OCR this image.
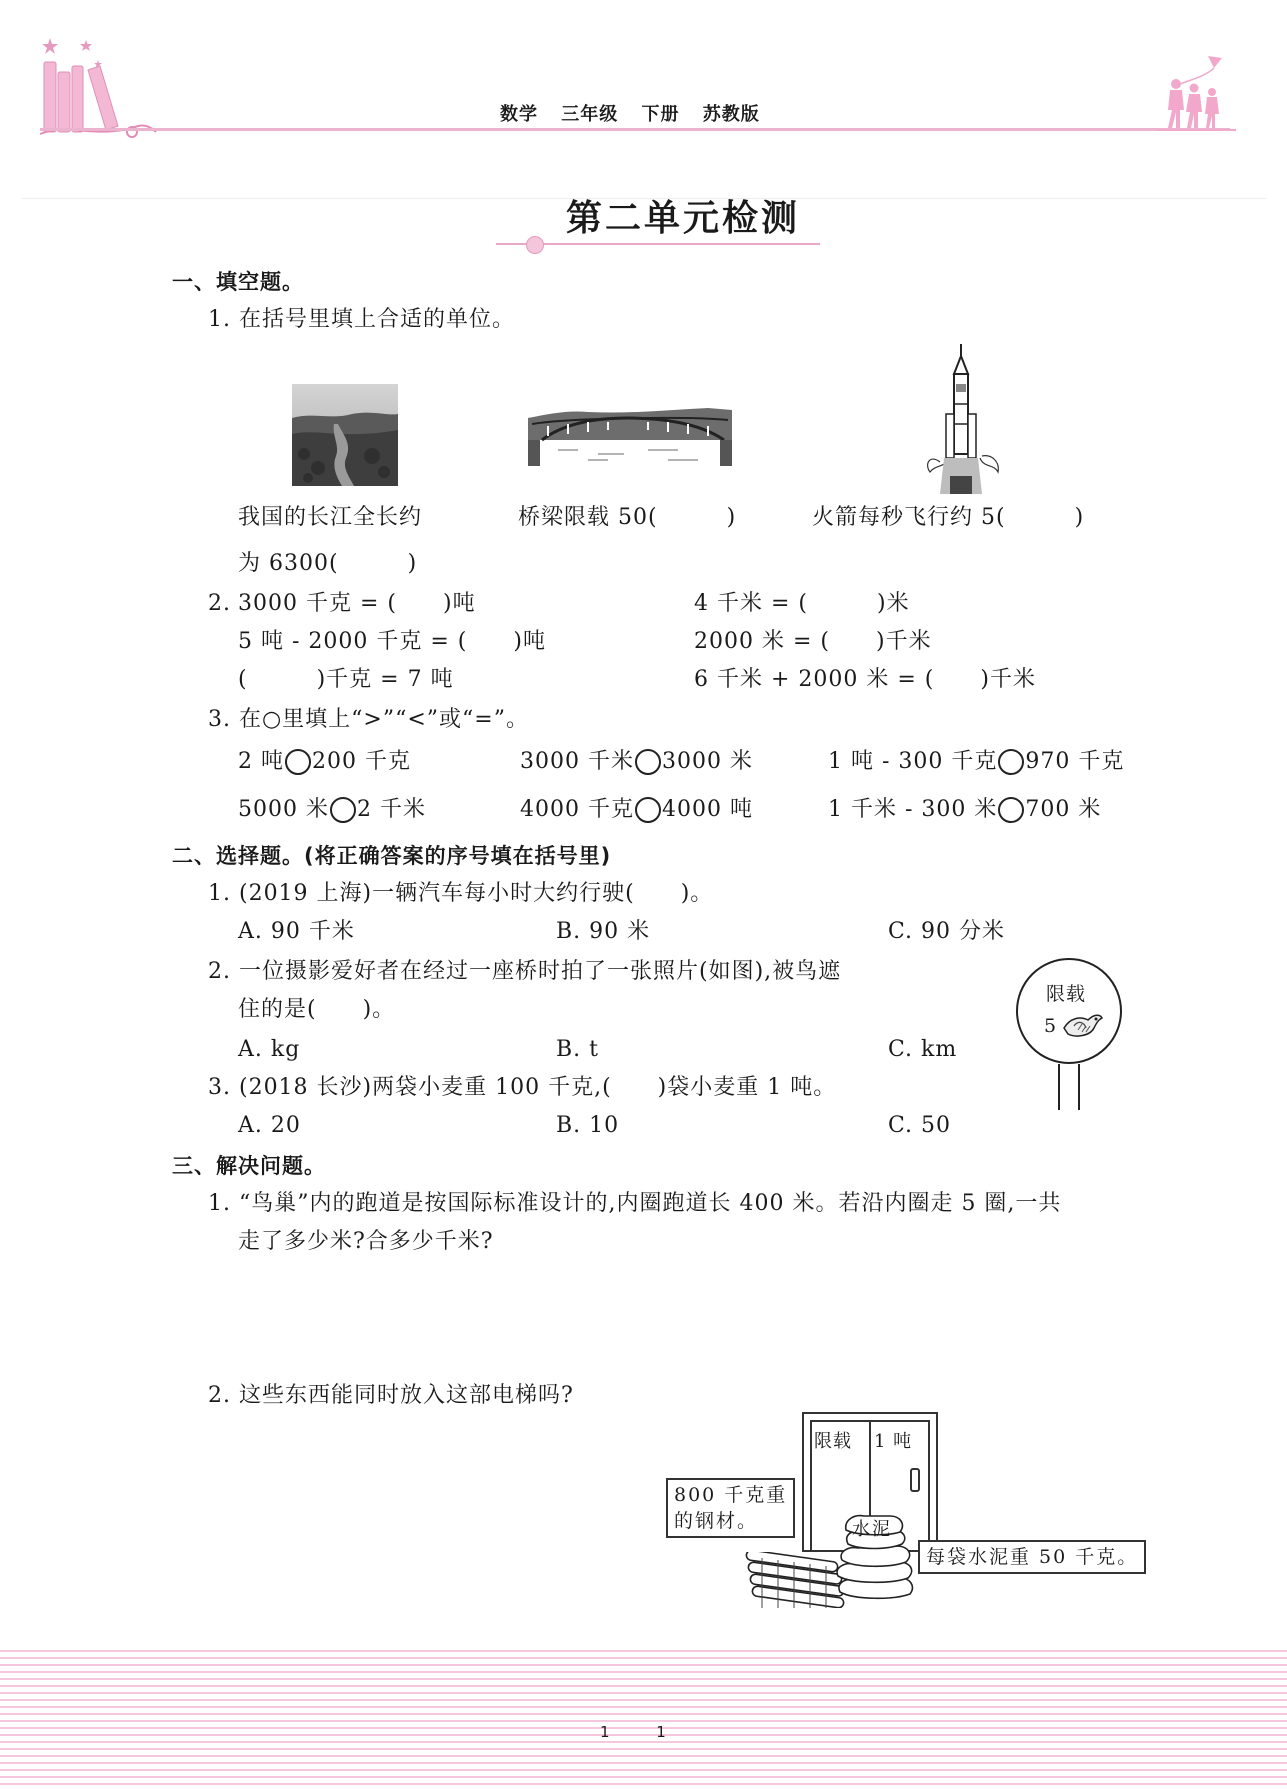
数学 三年级 下册 苏教版
第二单元检测
一、填空题。
1. 在括号里填上合适的单位。
我国的长江全长约
为 6300(　　　)
桥梁限载 50(　　　)	火箭每秒飞行约 5(　　　)
2. 3000 千克 = (　　)吨	4 千米 = (　　　)米
5 吨 - 2000 千克 = (　　)吨	2000 米 = (　　)千米
(　　　)千克 = 7 吨	6 千米 + 2000 米 = (　　)千米
3. 在○里填上“>”“<”或“=”。
2 吨 200 千克	3000 千米 3000 米	1 吨 - 300 千克 970 千克
5000 米 2 千米	4000 千克 4000 吨	1 千米 - 300 米 700 米
二、选择题。(将正确答案的序号填在括号里)
1. (2019 上海)一辆汽车每小时大约行驶(　　)。
A. 90 千米	B. 90 米	C. 90 分米
2. 一位摄影爱好者在经过一座桥时拍了一张照片(如图),被鸟遮
住的是(　　)。
A. kg	B. t	C. km
限载
5
3. (2018 长沙)两袋小麦重 100 千克,(　　)袋小麦重 1 吨。
A. 20	B. 10	C. 50
三、解决问题。
1. “鸟巢”内的跑道是按国际标准设计的,内圈跑道长 400 米。若沿内圈走 5 圈,一共
走了多少米?合多少千米?
2. 这些东西能同时放入这部电梯吗?
限载 1 吨
800 千克重
的钢材。	水泥
每袋水泥重 50 千克。
1 1
